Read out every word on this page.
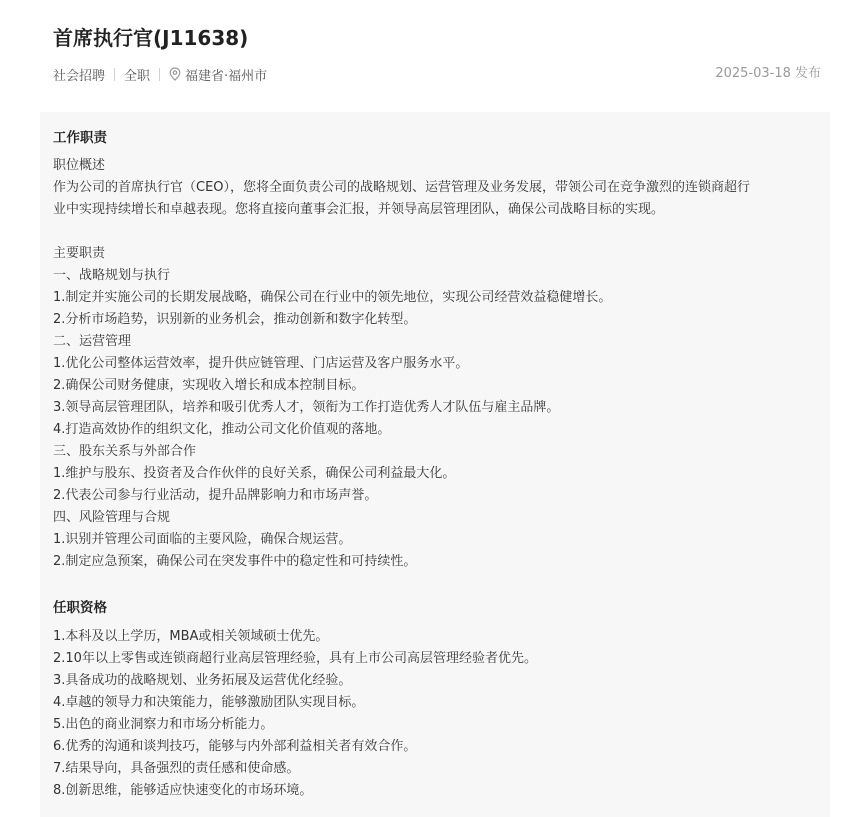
首席执行官(J11638)
社会招聘 全职	福建省·福州市	2025-03-18 发布
工作职责
职位概述
作为公司的首席执行官（CEO），您将全面负责公司的战略规划、运营管理及业务发展，带领公司在竞争激烈的连锁商超行
业中实现持续增长和卓越表现。您将直接向董事会汇报，并领导高层管理团队，确保公司战略目标的实现。
主要职责
一、战略规划与执行
1.制定并实施公司的长期发展战略，确保公司在行业中的领先地位，实现公司经营效益稳健增长。
2.分析市场趋势，识别新的业务机会，推动创新和数字化转型。
二、运营管理
1.优化公司整体运营效率，提升供应链管理、门店运营及客户服务水平。
2.确保公司财务健康，实现收入增长和成本控制目标。
3.领导高层管理团队，培养和吸引优秀人才，领衔为工作打造优秀人才队伍与雇主品牌。
4.打造高效协作的组织文化，推动公司文化价值观的落地。
三、股东关系与外部合作
1.维护与股东、投资者及合作伙伴的良好关系，确保公司利益最大化。
2.代表公司参与行业活动，提升品牌影响力和市场声誉。
四、风险管理与合规
1.识别并管理公司面临的主要风险，确保合规运营。
2.制定应急预案，确保公司在突发事件中的稳定性和可持续性。
任职资格
1.本科及以上学历，MBA或相关领域硕士优先。
2.10年以上零售或连锁商超行业高层管理经验，具有上市公司高层管理经验者优先。
3.具备成功的战略规划、业务拓展及运营优化经验。
4.卓越的领导力和决策能力，能够激励团队实现目标。
5.出色的商业洞察力和市场分析能力。
6.优秀的沟通和谈判技巧，能够与内外部利益相关者有效合作。
7.结果导向，具备强烈的责任感和使命感。
8.创新思维，能够适应快速变化的市场环境。
